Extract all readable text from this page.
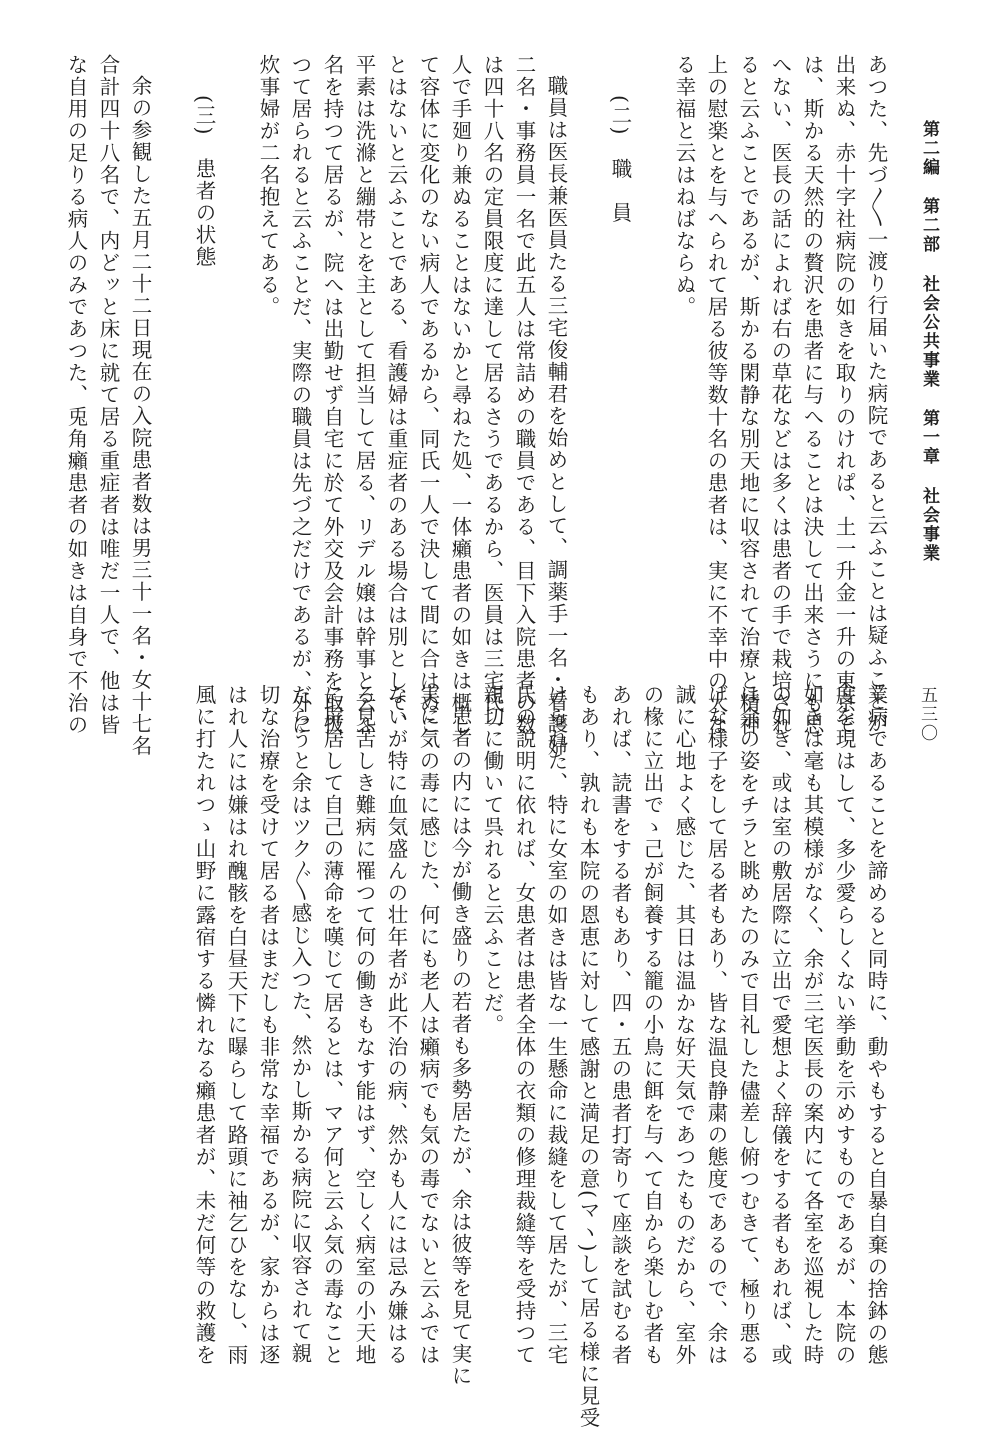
第二編第二部社会公共事業第一章社会事業

五三〇

あつた、先づ〱一渡り行届いた病院であると云ふことは疑ふことが

出来ぬ、赤十字社病院の如きを取りのけれぱ、土一升金一升の東京で

は、斯かる天然的の贅沢を患者に与へることは決して出来さうにも思

へない、医長の話によれば右の草花などは多くは患者の手で栽培され

ると云ふことであるが、斯かる閑静な別天地に収容されて治療と精神

上の慰楽とを与へられて居る彼等数十名の患者は、実に不幸中の大な

る幸福と云はねばならぬ。

(二)　職　員

職員は医長兼医員たる三宅俊輔君を始めとして、調薬手一名・看護婦

二名・事務員一名で此五人は常詰めの職員である、目下入院患者の数

は四十八名の定員限度に達して居るさうであるから、医員は三宅氏一

人で手廻り兼ぬることはないかと尋ねた処、一体癩患者の如きは概し

て容体に変化のない病人であるから、同氏一人で決して間に合はぬこ

とはないと云ふことである、看護婦は重症者のある場合は別として、

平素は洗滌と繃帯とを主として担当して居る、リデル嬢は幹事と云ふ

名を持つて居るが、院へは出勤せず自宅に於て外交及会計事務を取扱

つて居られると云ふことだ、実際の職員は先づ之だけであるが、外に

炊事婦が二名抱えてある。

(三)　患者の状態

余の参観した五月二十二日現在の入院患者数は男三十一名・女十七名

合計四十八名で、内どッと床に就て居る重症者は唯だ一人で、他は皆

な自用の足りる病人のみであつた、兎角癩患者の如きは自身で不治の

業病であることを諦めると同時に、動やもすると自暴自棄の捨鉢の態

度を現はして、多少愛らしくない挙動を示めすものであるが、本院の

如きは毫も其模様がなく、余が三宅医長の案内にて各室を巡視した時

の如き、或は室の敷居際に立出で愛想よく辞儀をする者もあれば、或

は余の姿をチラと眺めたのみで目礼した儘差し俯つむきて、極り悪る

げな様子をして居る者もあり、皆な温良静粛の態度であるので、余は

誠に心地よく感じた、其日は温かな好天気であつたものだから、室外

の椽に立出でゝ己が飼養する籠の小鳥に餌を与へて自から楽しむ者も

あれば、読書をする者もあり、四・五の患者打寄りて座談を試むる者

もあり、孰れも本院の恩恵に対して感謝と満足の意(マヽ)して居る様に見受

けられた、特に女室の如きは皆な一生懸命に裁縫をして居たが、三宅

氏の説明に依れば、女患者は患者全体の衣類の修理裁縫等を受持つて

親切に働いて呉れると云ふことだ。

患者の内には今が働き盛りの若者も多勢居たが、余は彼等を見て実に

実に気の毒に感じた、何にも老人は癩病でも気の毒でないと云ふでは

ないが特に血気盛んの壮年者が此不治の病、然かも人には忌み嫌はる

る見苦しき難病に罹つて何の働きもなす能はず、空しく病室の小天地

に屏居して自己の薄命を嘆じて居るとは、マア何と云ふ気の毒なこと

だらうと余はツク〲感じ入つた、然かし斯かる病院に収容されて親

切な治療を受けて居る者はまだしも非常な幸福であるが、家からは逐

はれ人には嫌はれ醜骸を白昼天下に曝らして路頭に袖乞ひをなし、雨

風に打たれつゝ山野に露宿する憐れなる癩患者が、未だ何等の救護を
